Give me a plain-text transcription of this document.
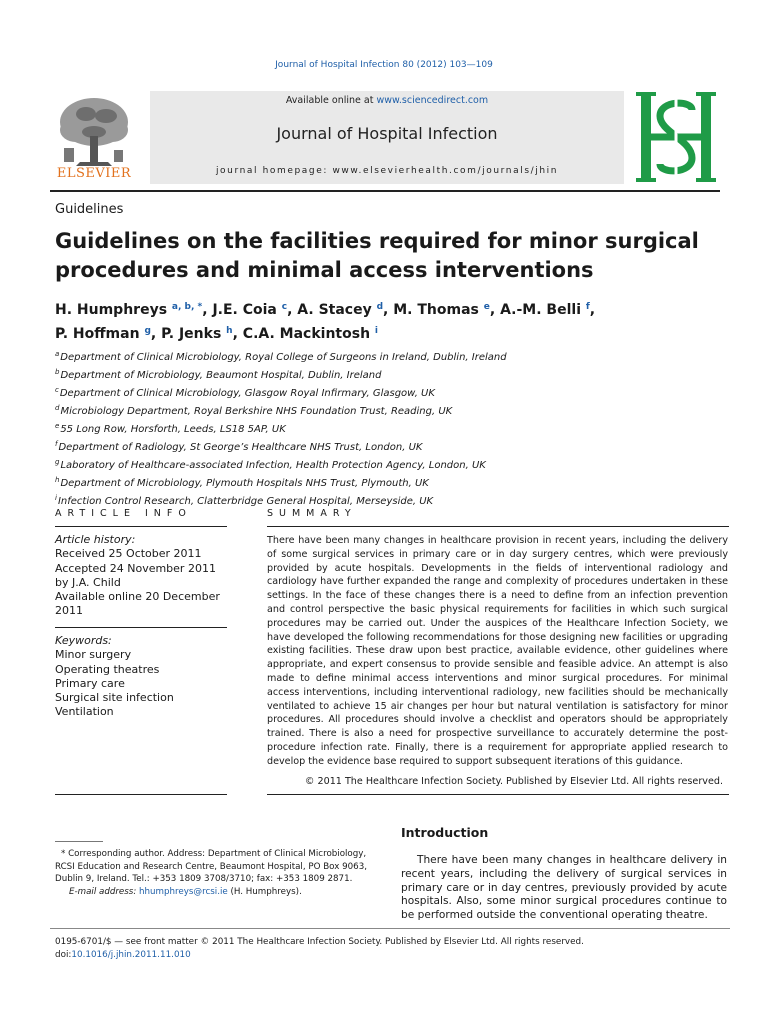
Journal of Hospital Infection 80 (2012) 103—109
ELSEVIER
Available online at www.sciencedirect.com
Journal of Hospital Infection
journal homepage: www.elsevierhealth.com/journals/jhin
Guidelines
Guidelines on the facilities required for minor surgical procedures and minimal access interventions
H. Humphreys $^{a, b, *}$, J.E. Coia $^c$, A. Stacey $^d$, M. Thomas $^e$, A.-M. Belli $^f$,
P. Hoffman $^g$, P. Jenks $^h$, C.A. Mackintosh $^i$
$^a$Department of Clinical Microbiology, Royal College of Surgeons in Ireland, Dublin, Ireland
$^b$Department of Microbiology, Beaumont Hospital, Dublin, Ireland
$^c$Department of Clinical Microbiology, Glasgow Royal Infirmary, Glasgow, UK
$^d$Microbiology Department, Royal Berkshire NHS Foundation Trust, Reading, UK
$^e$55 Long Row, Horsforth, Leeds, LS18 5AP, UK
$^f$Department of Radiology, St George’s Healthcare NHS Trust, London, UK
$^g$Laboratory of Healthcare-associated Infection, Health Protection Agency, London, UK
$^h$Department of Microbiology, Plymouth Hospitals NHS Trust, Plymouth, UK
$^i$Infection Control Research, Clatterbridge General Hospital, Merseyside, UK
ARTICLE INFO
Article history:
Received 25 October 2011
Accepted 24 November 2011
by J.A. Child
Available online 20 December
2011
Keywords:
Minor surgery
Operating theatres
Primary care
Surgical site infection
Ventilation
SUMMARY
There have been many changes in healthcare provision in recent years, including the delivery of some surgical services in primary care or in day surgery centres, which were previously provided by acute hospitals. Developments in the fields of interventional radiology and cardiology have further expanded the range and complexity of procedures undertaken in these settings. In the face of these changes there is a need to define from an infection prevention and control perspective the basic physical requirements for facilities in which such surgical procedures may be carried out. Under the auspices of the Healthcare Infection Society, we have developed the following recommendations for those designing new facilities or upgrading existing facilities. These draw upon best practice, available evidence, other guidelines where appropriate, and expert consensus to provide sensible and feasible advice. An attempt is also made to define minimal access interventions and minor surgical procedures. For minimal access interventions, including interventional radiology, new facilities should be mechanically ventilated to achieve 15 air changes per hour but natural ventilation is satisfactory for minor procedures. All procedures should involve a checklist and operators should be appropriately trained. There is also a need for prospective surveillance to accurately determine the post-procedure infection rate. Finally, there is a requirement for appropriate applied research to develop the evidence base required to support subsequent iterations of this guidance.
© 2011 The Healthcare Infection Society. Published by Elsevier Ltd. All rights reserved.
Introduction
There have been many changes in healthcare delivery in recent years, including the delivery of surgical services in primary care or in day centres, previously provided by acute hospitals. Also, some minor surgical procedures continue to be performed outside the conventional operating theatre.
* Corresponding author. Address: Department of Clinical Microbiology, RCSI Education and Research Centre, Beaumont Hospital, PO Box 9063, Dublin 9, Ireland. Tel.: +353 1809 3708/3710; fax: +353 1809 2871.
E-mail address: hhumphreys@rcsi.ie (H. Humphreys).
0195-6701/$ — see front matter © 2011 The Healthcare Infection Society. Published by Elsevier Ltd. All rights reserved.
doi:10.1016/j.jhin.2011.11.010
